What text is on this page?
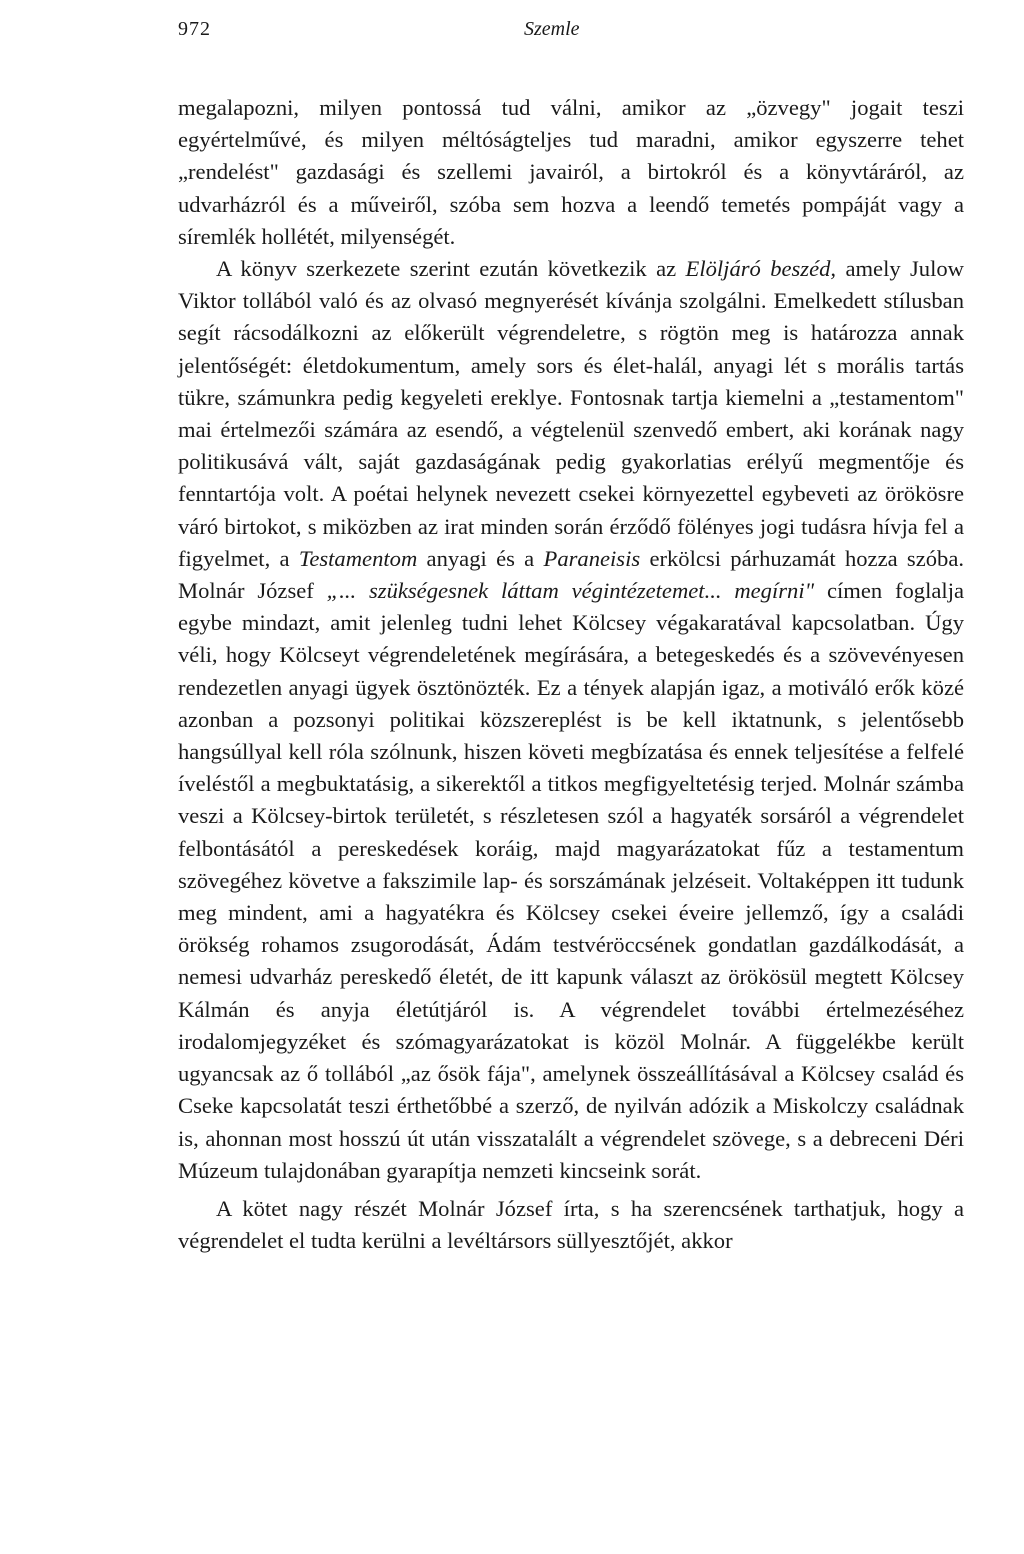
972	Szemle

megalapozni, milyen pontossá tud válni, amikor az „özvegy" jogait teszi egyértelművé, és milyen méltóságteljes tud maradni, amikor egyszerre tehet „rendelést" gazdasági és szellemi javairól, a birtokról és a könyvtáráról, az udvarházról és a műveiről, szóba sem hozva a leendő temetés pompáját vagy a síremlék hollétét, milyenségét.

A könyv szerkezete szerint ezután következik az Elöljáró beszéd, amely Julow Viktor tollából való és az olvasó megnyerését kívánja szolgálni. Emelkedett stílusban segít rácsodálkozni az előkerült végrendeletre, s rögtön meg is határozza annak jelentőségét: életdokumentum, amely sors és élet-halál, anyagi lét s morális tartás tükre, számunkra pedig kegyeleti ereklye. Fontosnak tartja kiemelni a „testamentom" mai értelmezői számára az esendő, a végtelenül szenvedő embert, aki korának nagy politikusává vált, saját gazdaságának pedig gyakorlatias erélyű megmentője és fenntartója volt. A poétai helynek nevezett csekei környezettel egybeveti az örökösre váró birtokot, s miközben az irat minden során érződő fölényes jogi tudásra hívja fel a figyelmet, a Testamentom anyagi és a Paraneisis erkölcsi párhuzamát hozza szóba. Molnár József „... szükségesnek láttam végintézetemet... megírni" címen foglalja egybe mindazt, amit jelenleg tudni lehet Kölcsey végakaratával kapcsolatban. Úgy véli, hogy Kölcseyt végrendeletének megírására, a betegeskedés és a szövevényesen rendezetlen anyagi ügyek ösztönözték. Ez a tények alapján igaz, a motiváló erők közé azonban a pozsonyi politikai közszereplést is be kell iktatnunk, s jelentősebb hangsúllyal kell róla szólnunk, hiszen követi megbízatása és ennek teljesítése a felfelé íveléstől a megbuktatásig, a sikerektől a titkos megfigyeltetésig terjed. Molnár számba veszi a Kölcsey-birtok területét, s részletesen szól a hagyaték sorsáról a végrendelet felbontásától a pereskedések koráig, majd magyarázatokat fűz a testamentum szövegéhez követve a fakszimile lap- és sorszámának jelzéseit. Voltaképpen itt tudunk meg mindent, ami a hagyatékra és Kölcsey csekei éveire jellemző, így a családi örökség rohamos zsugorodását, Ádám testvéröccsének gondatlan gazdálkodását, a nemesi udvarház pereskedő életét, de itt kapunk választ az örökösül megtett Kölcsey Kálmán és anyja életútjáról is. A végrendelet további értelmezéséhez irodalomjegyzéket és szómagyarázatokat is közöl Molnár. A függelékbe került ugyancsak az ő tollából „az ősök fája", amelynek összeállításával a Kölcsey család és Cseke kapcsolatát teszi érthetőbbé a szerző, de nyilván adózik a Miskolczy családnak is, ahonnan most hosszú út után visszatalált a végrendelet szövege, s a debreceni Déri Múzeum tulajdonában gyarapítja nemzeti kincseink sorát.

A kötet nagy részét Molnár József írta, s ha szerencsének tarthatjuk, hogy a végrendelet el tudta kerülni a levéltársors süllyesztőjét, akkor
